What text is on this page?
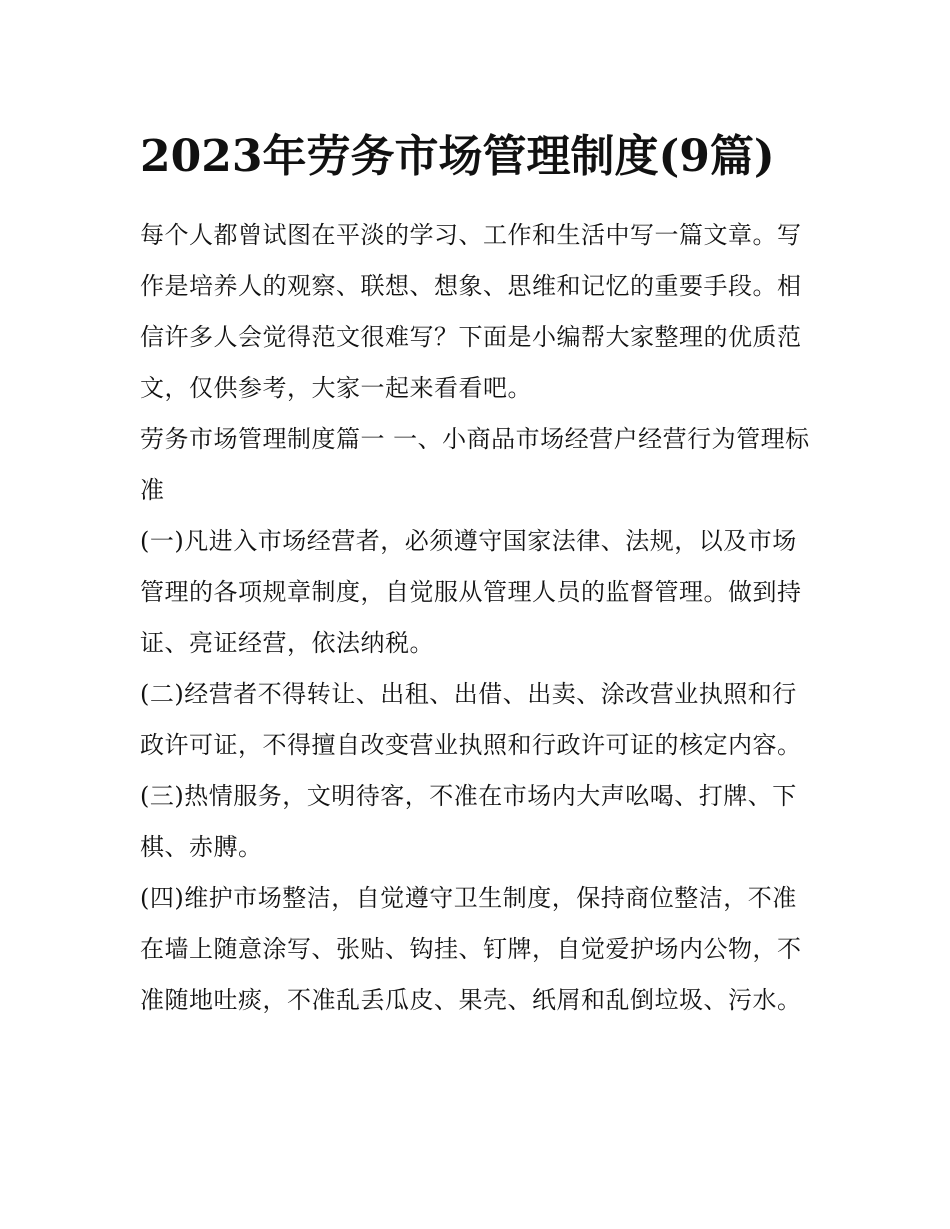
2023年劳务市场管理制度(9篇)

每个人都曾试图在平淡的学习、工作和生活中写一篇文章。写作是培养人的观察、联想、想象、思维和记忆的重要手段。相信许多人会觉得范文很难写？下面是小编帮大家整理的优质范文，仅供参考，大家一起来看看吧。

劳务市场管理制度篇一 一、小商品市场经营户经营行为管理标准

(一)凡进入市场经营者，必须遵守国家法律、法规，以及市场管理的各项规章制度，自觉服从管理人员的监督管理。做到持证、亮证经营，依法纳税。

(二)经营者不得转让、出租、出借、出卖、涂改营业执照和行政许可证，不得擅自改变营业执照和行政许可证的核定内容。

(三)热情服务，文明待客，不准在市场内大声吆喝、打牌、下棋、赤膊。

(四)维护市场整洁，自觉遵守卫生制度，保持商位整洁，不准在墙上随意涂写、张贴、钩挂、钉牌，自觉爱护场内公物，不准随地吐痰，不准乱丢瓜皮、果壳、纸屑和乱倒垃圾、污水。
